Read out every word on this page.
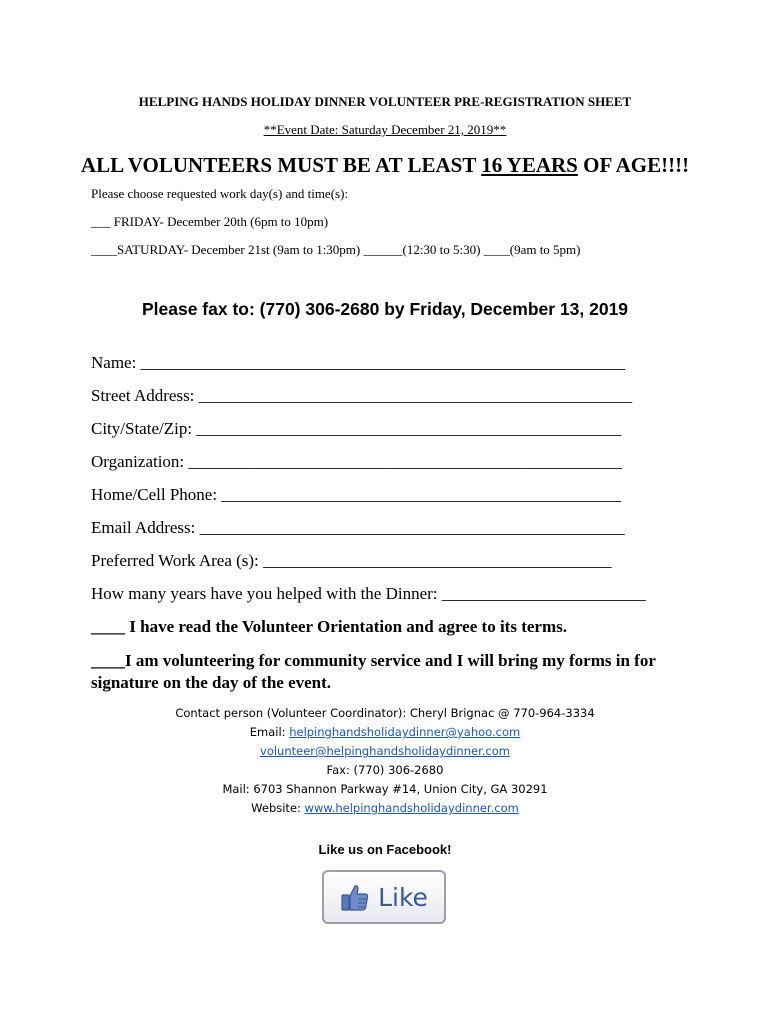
HELPING HANDS HOLIDAY DINNER VOLUNTEER PRE-REGISTRATION SHEET
**Event Date: Saturday December 21, 2019**
ALL VOLUNTEERS MUST BE AT LEAST 16 YEARS OF AGE!!!!
Please choose requested work day(s) and time(s):
___ FRIDAY- December 20th (6pm to 10pm)
____SATURDAY- December 21st (9am to 1:30pm) ______(12:30 to 5:30) ____(9am to 5pm)
Please fax to: (770) 306-2680 by Friday, December 13, 2019
Name: _________________________________________________________
Street Address: ___________________________________________________
City/State/Zip: __________________________________________________
Organization: ___________________________________________________
Home/Cell Phone: _______________________________________________
Email Address: __________________________________________________
Preferred Work Area (s): _________________________________________
How many years have you helped with the Dinner: ________________________
____ I have read the Volunteer Orientation and agree to its terms.
____I am volunteering for community service and I will bring my forms in for signature on the day of the event.
Contact person (Volunteer Coordinator): Cheryl Brignac @ 770-964-3334
Email: helpinghandsholidaydinner@yahoo.com
volunteer@helpinghandsholidaydinner.com
Fax: (770) 306-2680
Mail: 6703 Shannon Parkway #14, Union City, GA 30291
Website: www.helpinghandsholidaydinner.com
Like us on Facebook!
Like
